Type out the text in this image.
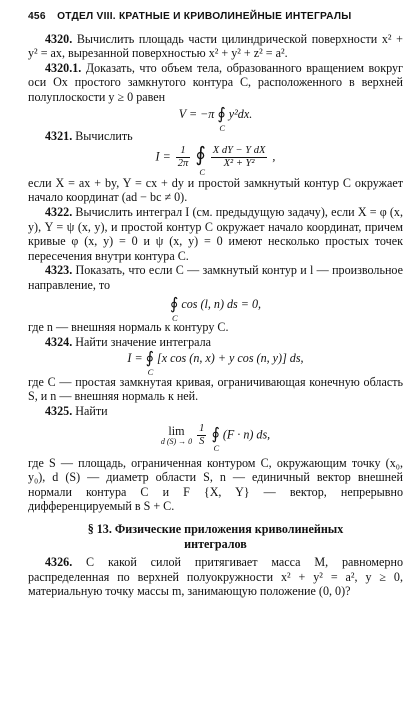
456 ОТДЕЛ VIII. КРАТНЫЕ И КРИВОЛИНЕЙНЫЕ ИНТЕГРАЛЫ

4320. Вычислить площадь части цилиндрической поверхности x² + y² = ax, вырезанной поверхностью x² + y² + z² = a².

4320.1. Доказать, что объем тела, образованного вращением вокруг оси Ox простого замкнутого контура C, расположенного в верхней полуплоскости y ≥ 0 равен

V = −π ∮
C
y²dx.

4321. Вычислить

$I = \frac{1}{2\pi}$ ∮
C

$\frac{\text{X dY − Y dX}}{\text{X² + Y²}}$ ,

если X = ax + by, Y = cx + dy и простой замкнутый контур C окружает начало координат (ad − bc ≠ 0).

4322. Вычислить интеграл I (см. предыдущую задачу), если X = φ (x, y), Y = ψ (x, y), и простой контур C окружает начало координат, причем кривые φ (x, y) = 0 и ψ (x, y) = 0 имеют несколько простых точек пересечения внутри контура C.

4323. Показать, что если C — замкнутый контур и l — произвольное направление, то

∮
C
cos (l, n) ds = 0,

где n — внешняя нормаль к контуру C.

4324. Найти значение интеграла

I = ∮
C
[x cos (n, x) + y cos (n, y)] ds,

где C — простая замкнутая кривая, ограничивающая конечную область S, и n — внешняя нормаль к ней.

4325. Найти

lim
d (S) → 0
$\frac{1}{S}$ ∮
C
(F · n) ds,

где S — площадь, ограниченная контуром C, окружающим точку (x₀, y₀), d (S) — диаметр области S, n — единичный вектор внешней нормали контура C и F {X, Y} — вектор, непрерывно дифференцируемый в S + C.

§ 13. Физические приложения криволинейных
интегралов

4326. С какой силой притягивает масса M, равномерно распределенная по верхней полуокружности x² + y² = a², y ≥ 0, материальную точку массы m, занимающую положение (0, 0)?
